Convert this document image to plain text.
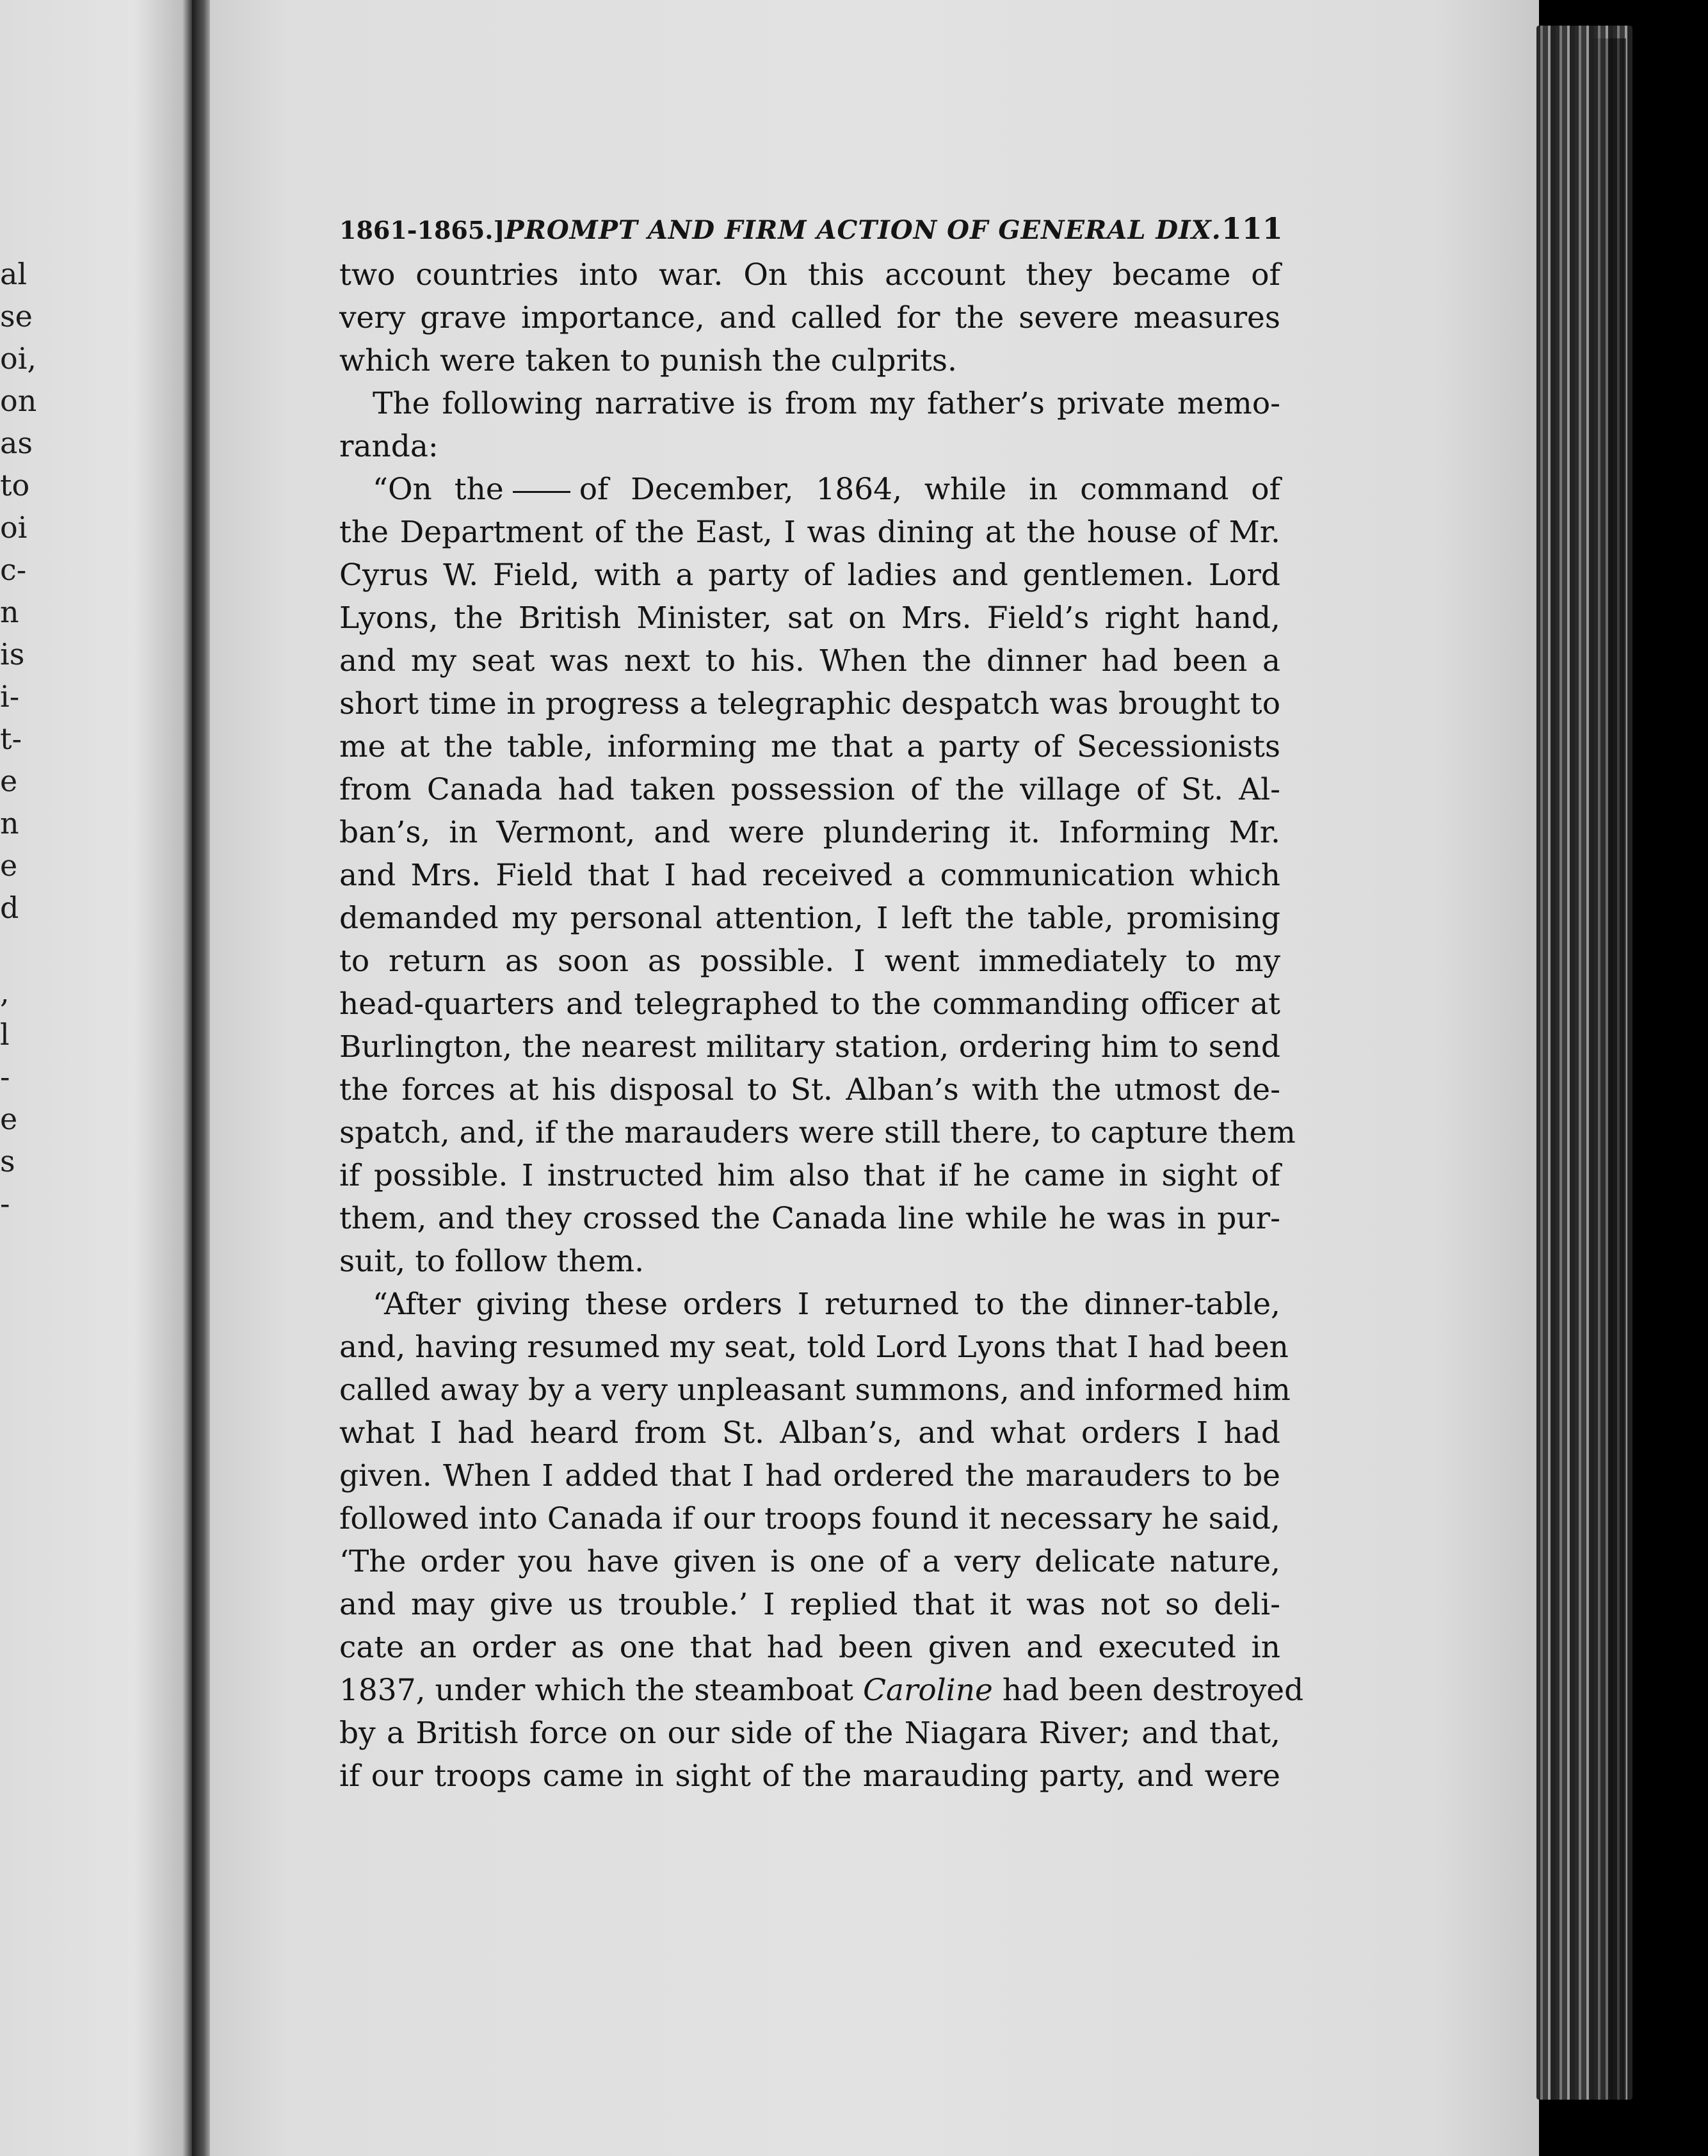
al
se
oi,
on
as
to
oi
c-
n
is
i-
t-
e
n
e
d
,
l
-
e
s
-
1861-1865.] PROMPT AND FIRM ACTION OF GENERAL DIX. 111
two countries into war. On this account they became of
very grave importance, and called for the severe measures
which were taken to punish the culprits.
The following narrative is from my father’s private memo-
randa:
“On the	of December, 1864, while in command of
the Department of the East, I was dining at the house of Mr.
Cyrus W. Field, with a party of ladies and gentlemen. Lord
Lyons, the British Minister, sat on Mrs. Field’s right hand,
and my seat was next to his. When the dinner had been a
short time in progress a telegraphic despatch was brought to
me at the table, informing me that a party of Secessionists
from Canada had taken possession of the village of St. Al-
ban’s, in Vermont, and were plundering it. Informing Mr.
and Mrs. Field that I had received a communication which
demanded my personal attention, I left the table, promising
to return as soon as possible. I went immediately to my
head-quarters and telegraphed to the commanding officer at
Burlington, the nearest military station, ordering him to send
the forces at his disposal to St. Alban’s with the utmost de-
spatch, and, if the marauders were still there, to capture them
if possible. I instructed him also that if he came in sight of
them, and they crossed the Canada line while he was in pur-
suit, to follow them.
“After giving these orders I returned to the dinner-table,
and, having resumed my seat, told Lord Lyons that I had been
called away by a very unpleasant summons, and informed him
what I had heard from St. Alban’s, and what orders I had
given. When I added that I had ordered the marauders to be
followed into Canada if our troops found it necessary he said,
‘The order you have given is one of a very delicate nature,
and may give us trouble.’ I replied that it was not so deli-
cate an order as one that had been given and executed in
1837, under which the steamboat Caroline had been destroyed
by a British force on our side of the Niagara River; and that,
if our troops came in sight of the marauding party, and were
